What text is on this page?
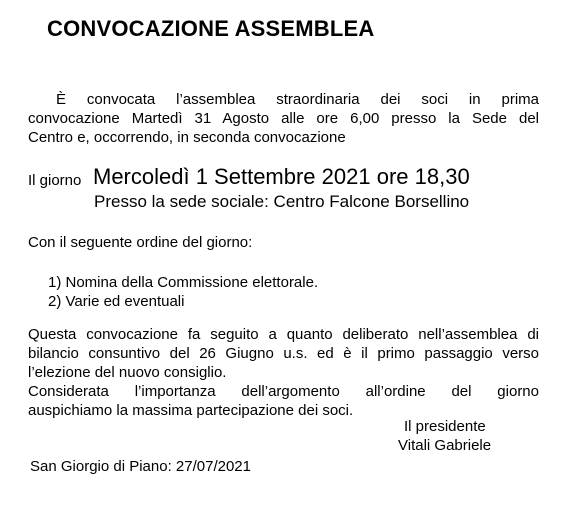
CONVOCAZIONE ASSEMBLEA
È convocata l’assemblea straordinaria dei soci in prima
convocazione Martedì 31 Agosto alle ore 6,00 presso la Sede del
Centro e, occorrendo, in seconda convocazione
Il giorno Mercoledì 1 Settembre 2021 ore 18,30
Presso la sede sociale: Centro Falcone Borsellino
Con il seguente ordine del giorno:
1) Nomina della Commissione elettorale.
2) Varie ed eventuali
Questa convocazione fa seguito a quanto deliberato nell’assemblea di
bilancio consuntivo del 26 Giugno u.s. ed è il primo passaggio verso
l’elezione del nuovo consiglio.
Considerata l’importanza dell’argomento all’ordine del giorno
auspichiamo la massima partecipazione dei soci.
Il presidente
Vitali Gabriele
San Giorgio di Piano: 27/07/2021
